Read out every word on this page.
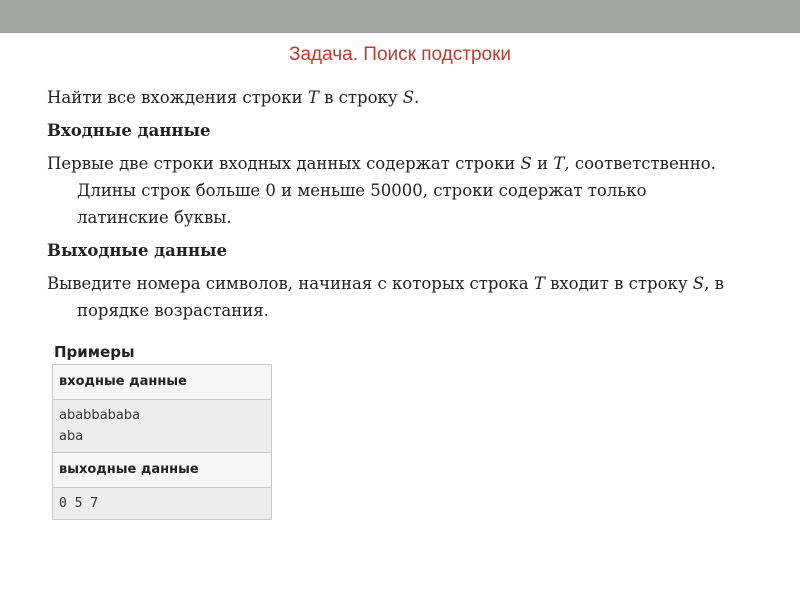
Задача. Поиск подстроки

Найти все вхождения строки T в строку S.

Входные данные

Первые две строки входных данных содержат строки S и T, соответственно. Длины строк больше 0 и меньше 50000, строки содержат только латинские буквы.

Выходные данные

Выведите номера символов, начиная с которых строка T входит в строку S, в порядке возрастания.

Примеры
входные данные
ababbababa
aba
выходные данные
0 5 7
